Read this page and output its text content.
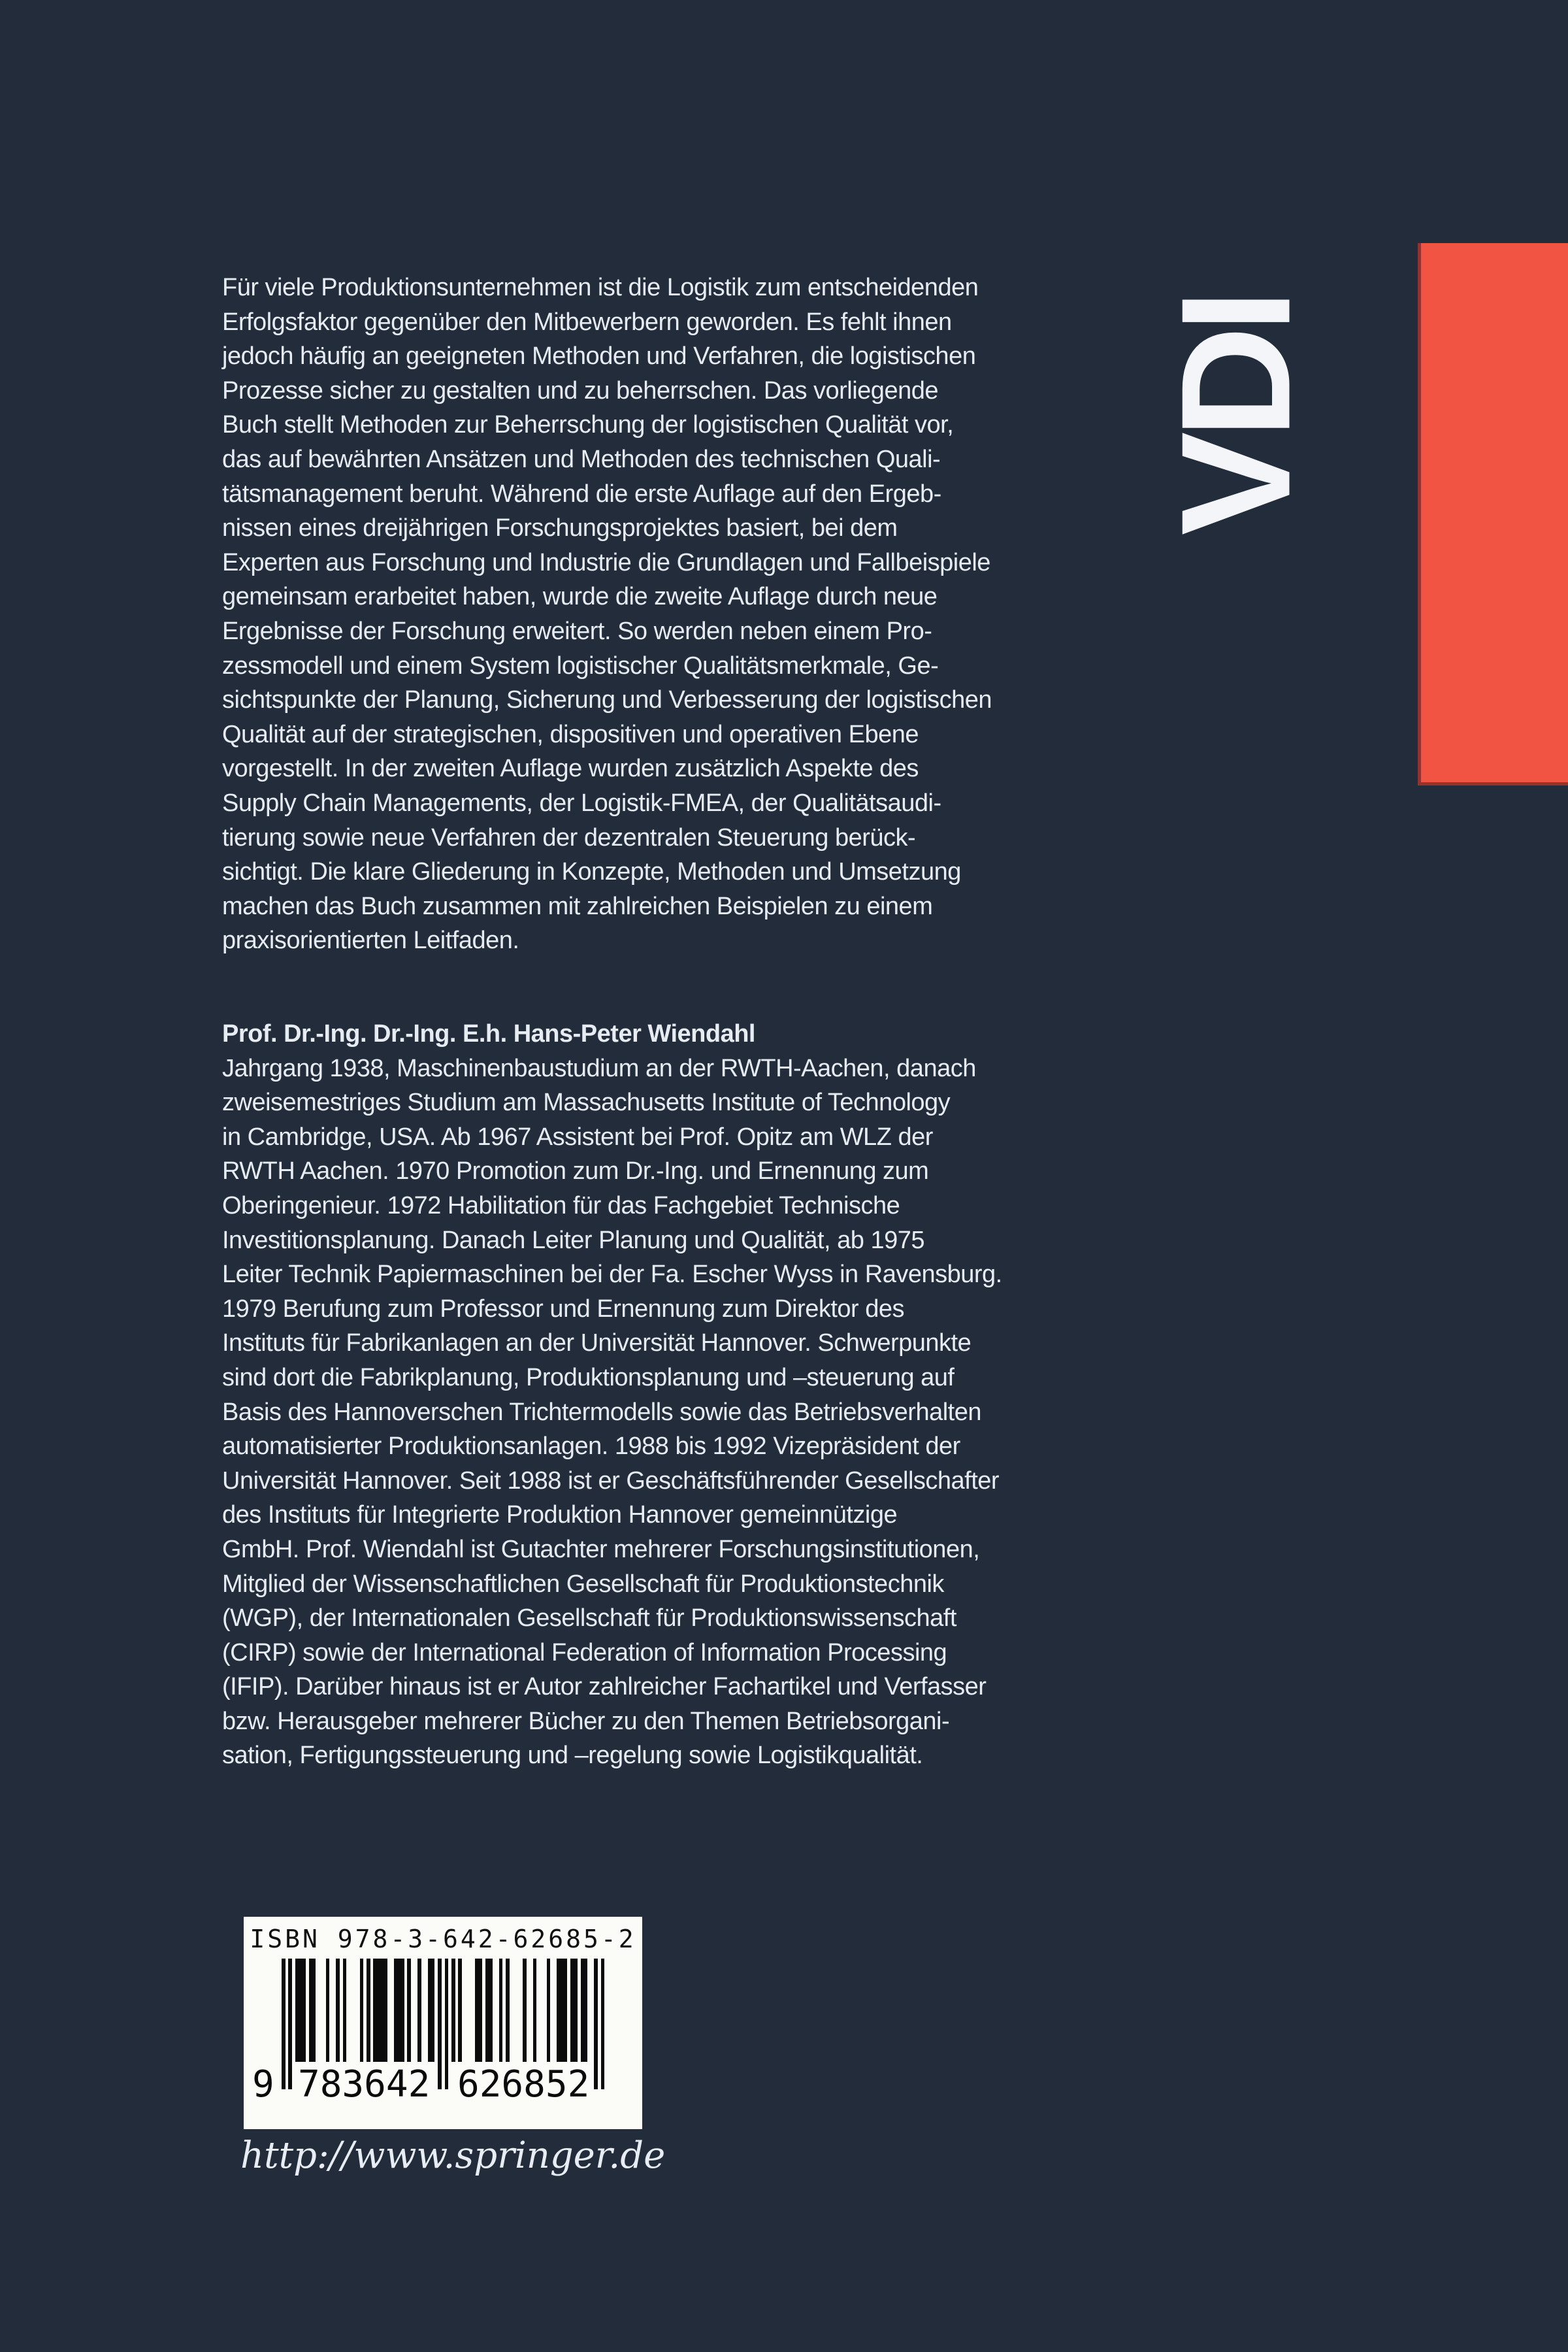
Für viele Produktionsunternehmen ist die Logistik zum entscheidenden
Erfolgsfaktor gegenüber den Mitbewerbern geworden. Es fehlt ihnen
jedoch häufig an geeigneten Methoden und Verfahren, die logistischen
Prozesse sicher zu gestalten und zu beherrschen. Das vorliegende
Buch stellt Methoden zur Beherrschung der logistischen Qualität vor,
das auf bewährten Ansätzen und Methoden des technischen Quali-
tätsmanagement beruht. Während die erste Auflage auf den Ergeb-
nissen eines dreijährigen Forschungsprojektes basiert, bei dem
Experten aus Forschung und Industrie die Grundlagen und Fallbeispiele
gemeinsam erarbeitet haben, wurde die zweite Auflage durch neue
Ergebnisse der Forschung erweitert. So werden neben einem Pro-
zessmodell und einem System logistischer Qualitätsmerkmale, Ge-
sichtspunkte der Planung, Sicherung und Verbesserung der logistischen
Qualität auf der strategischen, dispositiven und operativen Ebene
vorgestellt. In der zweiten Auflage wurden zusätzlich Aspekte des
Supply Chain Managements, der Logistik-FMEA, der Qualitätsaudi-
tierung sowie neue Verfahren der dezentralen Steuerung berück-
sichtigt. Die klare Gliederung in Konzepte, Methoden und Umsetzung
machen das Buch zusammen mit zahlreichen Beispielen zu einem
praxisorientierten Leitfaden.
Prof. Dr.-Ing. Dr.-Ing. E.h. Hans-Peter Wiendahl
Jahrgang 1938, Maschinenbaustudium an der RWTH-Aachen, danach
zweisemestriges Studium am Massachusetts Institute of Technology
in Cambridge, USA. Ab 1967 Assistent bei Prof. Opitz am WLZ der
RWTH Aachen. 1970 Promotion zum Dr.-Ing. und Ernennung zum
Oberingenieur. 1972 Habilitation für das Fachgebiet Technische
Investitionsplanung. Danach Leiter Planung und Qualität, ab 1975
Leiter Technik Papiermaschinen bei der Fa. Escher Wyss in Ravensburg.
1979 Berufung zum Professor und Ernennung zum Direktor des
Instituts für Fabrikanlagen an der Universität Hannover. Schwerpunkte
sind dort die Fabrikplanung, Produktionsplanung und –steuerung auf
Basis des Hannoverschen Trichtermodells sowie das Betriebsverhalten
automatisierter Produktionsanlagen. 1988 bis 1992 Vizepräsident der
Universität Hannover. Seit 1988 ist er Geschäftsführender Gesellschafter
des Instituts für Integrierte Produktion Hannover gemeinnützige
GmbH. Prof. Wiendahl ist Gutachter mehrerer Forschungsinstitutionen,
Mitglied der Wissenschaftlichen Gesellschaft für Produktionstechnik
(WGP), der Internationalen Gesellschaft für Produktionswissenschaft
(CIRP) sowie der International Federation of Information Processing
(IFIP). Darüber hinaus ist er Autor zahlreicher Fachartikel und Verfasser
bzw. Herausgeber mehrerer Bücher zu den Themen Betriebsorgani-
sation, Fertigungssteuerung und –regelung sowie Logistikqualität.
VDI
ISBN 978-3-642-62685-2
9 783642 626852
http://www.springer.de
